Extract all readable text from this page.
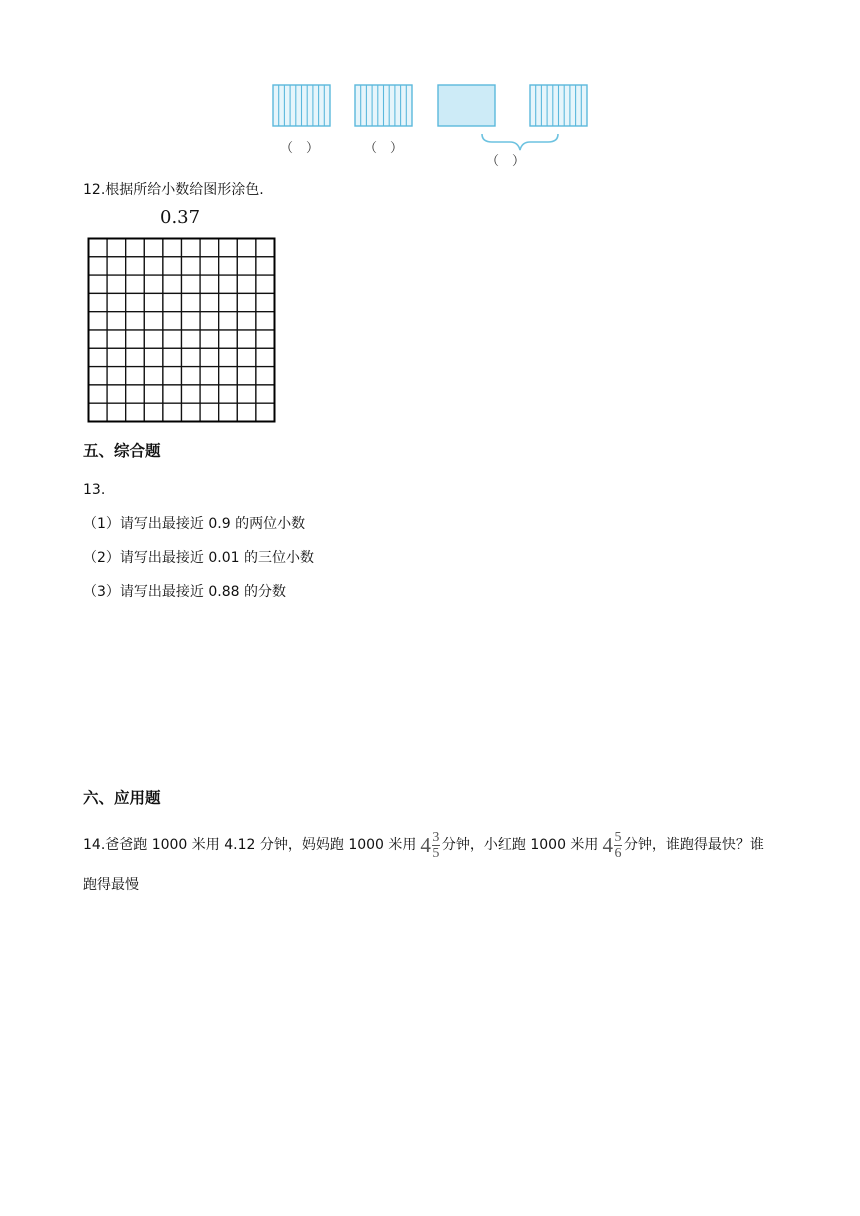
（　）	（　）
（　）
12.根据所给小数给图形涂色.
0.37
五、综合题
13.
（1）请写出最接近 0.9 的两位小数
（2）请写出最接近 0.01 的三位小数
（3）请写出最接近 0.88 的分数
六、应用题
14.爸爸跑 1000 米用 4.12 分钟，妈妈跑 1000 米用 4 3
5 分钟，小红跑 1000 米用 4 5
6 分钟，谁跑得最快？谁
跑得最慢
